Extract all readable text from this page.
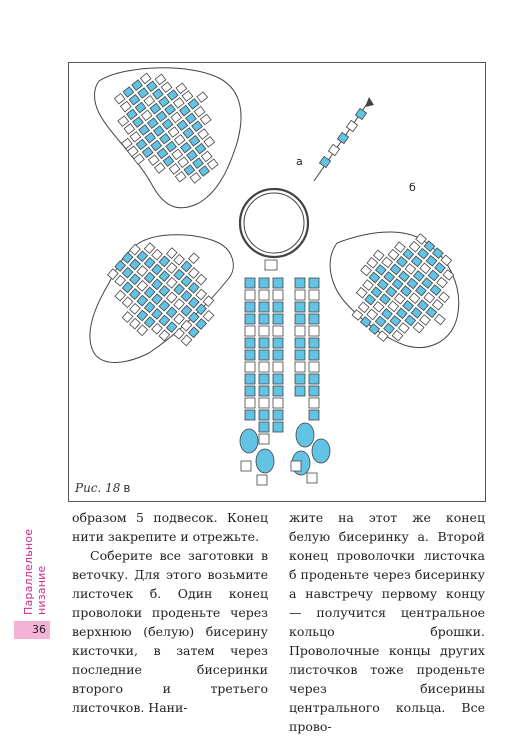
а
б
Рис. 18 в
Параллельное низание
36

образом 5 подвесок. Конец нити закрепите и отрежьте.

Соберите все заготовки в веточку. Для этого возьмите листочек б. Один конец проволоки проденьте через верхнюю (белую) бисерину кисточки, в затем через последние бисеринки второго и третьего листочков. Нани-

жите на этот же конец белую бисеринку а. Второй конец проволочки листочка б проденьте через бисеринку а навстречу первому концу — получится центральное кольцо брошки. Проволочные концы других листочков тоже проденьте через бисерины центрального кольца. Все прово-
